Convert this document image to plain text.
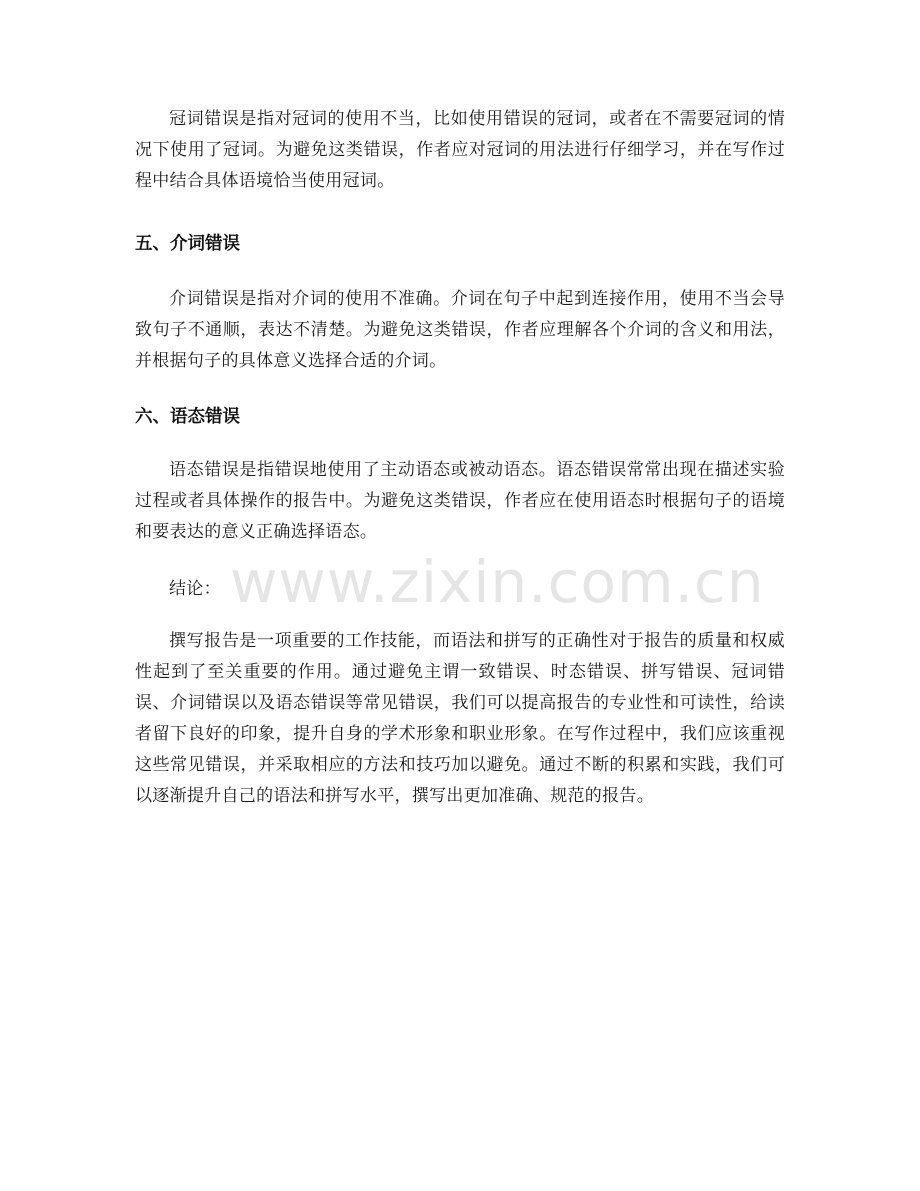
冠词错误是指对冠词的使用不当，比如使用错误的冠词，或者在不需要冠词的情况下使用了冠词。为避免这类错误，作者应对冠词的用法进行仔细学习，并在写作过程中结合具体语境恰当使用冠词。

五、介词错误

介词错误是指对介词的使用不准确。介词在句子中起到连接作用，使用不当会导致句子不通顺，表达不清楚。为避免这类错误，作者应理解各个介词的含义和用法，并根据句子的具体意义选择合适的介词。

六、语态错误

语态错误是指错误地使用了主动语态或被动语态。语态错误常常出现在描述实验过程或者具体操作的报告中。为避免这类错误，作者应在使用语态时根据句子的语境和要表达的意义正确选择语态。

结论：

撰写报告是一项重要的工作技能，而语法和拼写的正确性对于报告的质量和权威性起到了至关重要的作用。通过避免主谓一致错误、时态错误、拼写错误、冠词错误、介词错误以及语态错误等常见错误，我们可以提高报告的专业性和可读性，给读者留下良好的印象，提升自身的学术形象和职业形象。在写作过程中，我们应该重视这些常见错误，并采取相应的方法和技巧加以避免。通过不断的积累和实践，我们可以逐渐提升自己的语法和拼写水平，撰写出更加准确、规范的报告。

www.zixin.com.cn
